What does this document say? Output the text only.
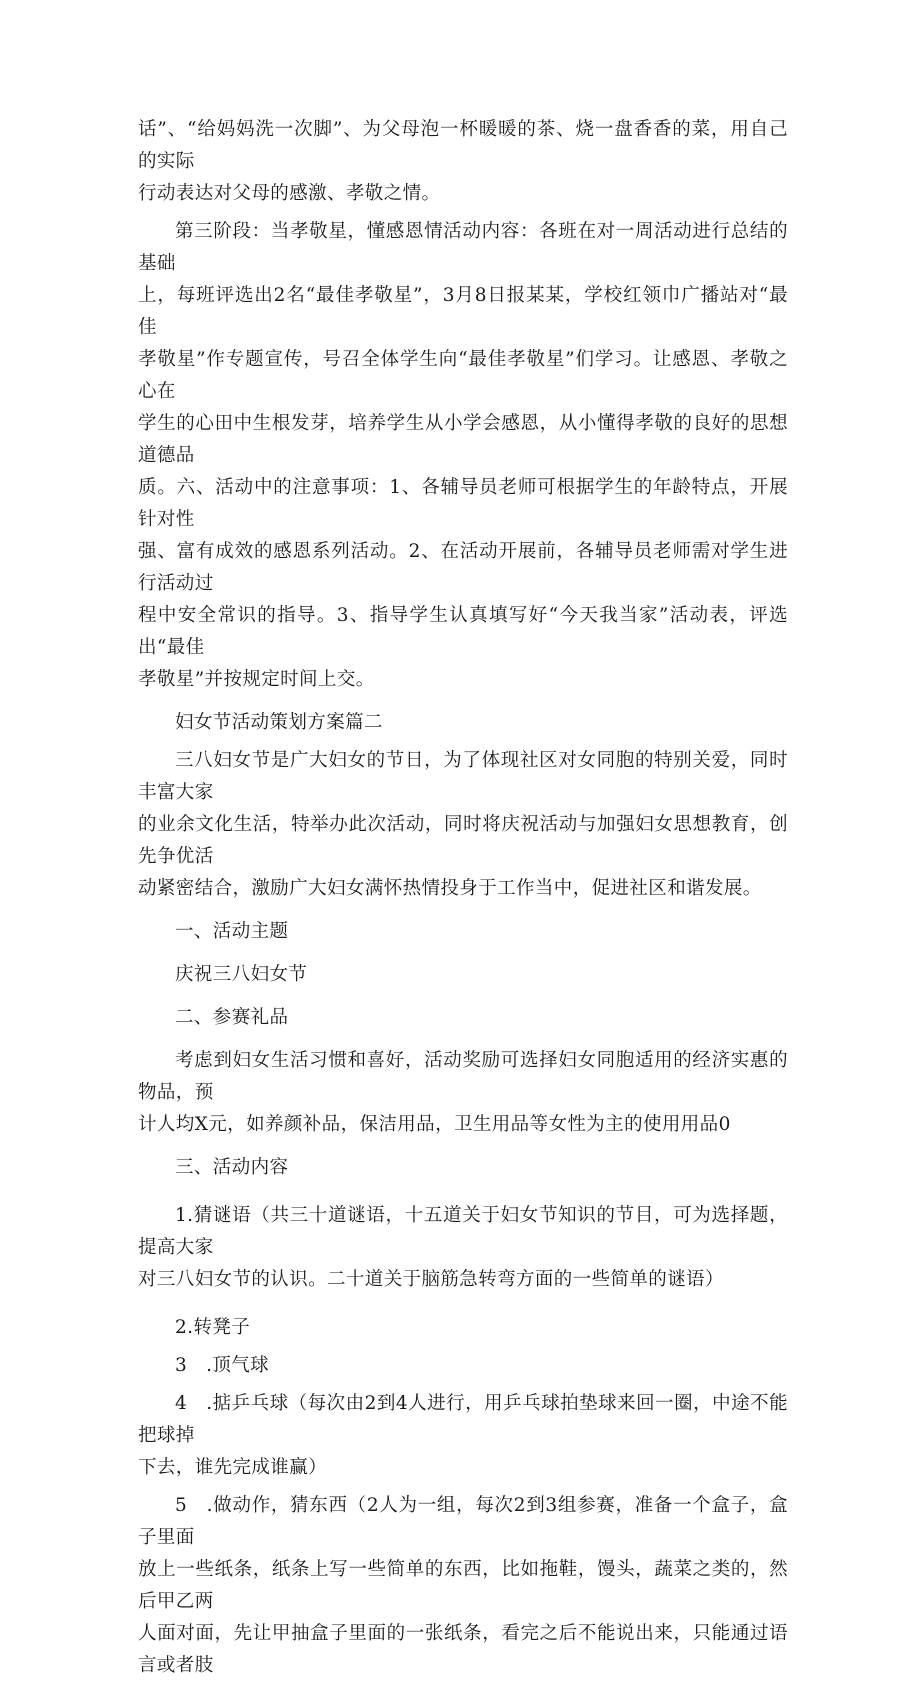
话”、“给妈妈洗一次脚”、为父母泡一杯暖暖的茶、烧一盘香香的菜，用自己的实际
行动表达对父母的感激、孝敬之情。

第三阶段：当孝敬星，懂感恩情活动内容：各班在对一周活动进行总结的基础
上，每班评选出2名“最佳孝敬星”，3月8日报某某，学校红领巾广播站对“最佳
孝敬星”作专题宣传，号召全体学生向“最佳孝敬星”们学习。让感恩、孝敬之心在
学生的心田中生根发芽，培养学生从小学会感恩，从小懂得孝敬的良好的思想道德品
质。六、活动中的注意事项：1、各辅导员老师可根据学生的年龄特点，开展针对性
强、富有成效的感恩系列活动。2、在活动开展前，各辅导员老师需对学生进行活动过
程中安全常识的指导。3、指导学生认真填写好“今天我当家”活动表，评选出“最佳
孝敬星”并按规定时间上交。

妇女节活动策划方案篇二

三八妇女节是广大妇女的节日，为了体现社区对女同胞的特别关爱，同时丰富大家
的业余文化生活，特举办此次活动，同时将庆祝活动与加强妇女思想教育，创先争优活
动紧密结合，激励广大妇女满怀热情投身于工作当中，促进社区和谐发展。

一、活动主题

庆祝三八妇女节

二、参赛礼品

考虑到妇女生活习惯和喜好，活动奖励可选择妇女同胞适用的经济实惠的物品，预
计人均X元，如养颜补品，保洁用品，卫生用品等女性为主的使用用品0

三、活动内容

1.猜谜语（共三十道谜语，十五道关于妇女节知识的节目，可为选择题，提高大家
对三八妇女节的认识。二十道关于脑筋急转弯方面的一些简单的谜语）

2.转凳子

3　.顶气球

4　.掂乒乓球（每次由2到4人进行，用乒乓球拍垫球来回一圈，中途不能把球掉
下去，谁先完成谁赢）

5　.做动作，猜东西（2人为一组，每次2到3组参赛，准备一个盒子，盒子里面
放上一些纸条，纸条上写一些简单的东西，比如拖鞋，馒头，蔬菜之类的，然后甲乙两
人面对面，先让甲抽盒子里面的一张纸条，看完之后不能说出来，只能通过语言或者肢
